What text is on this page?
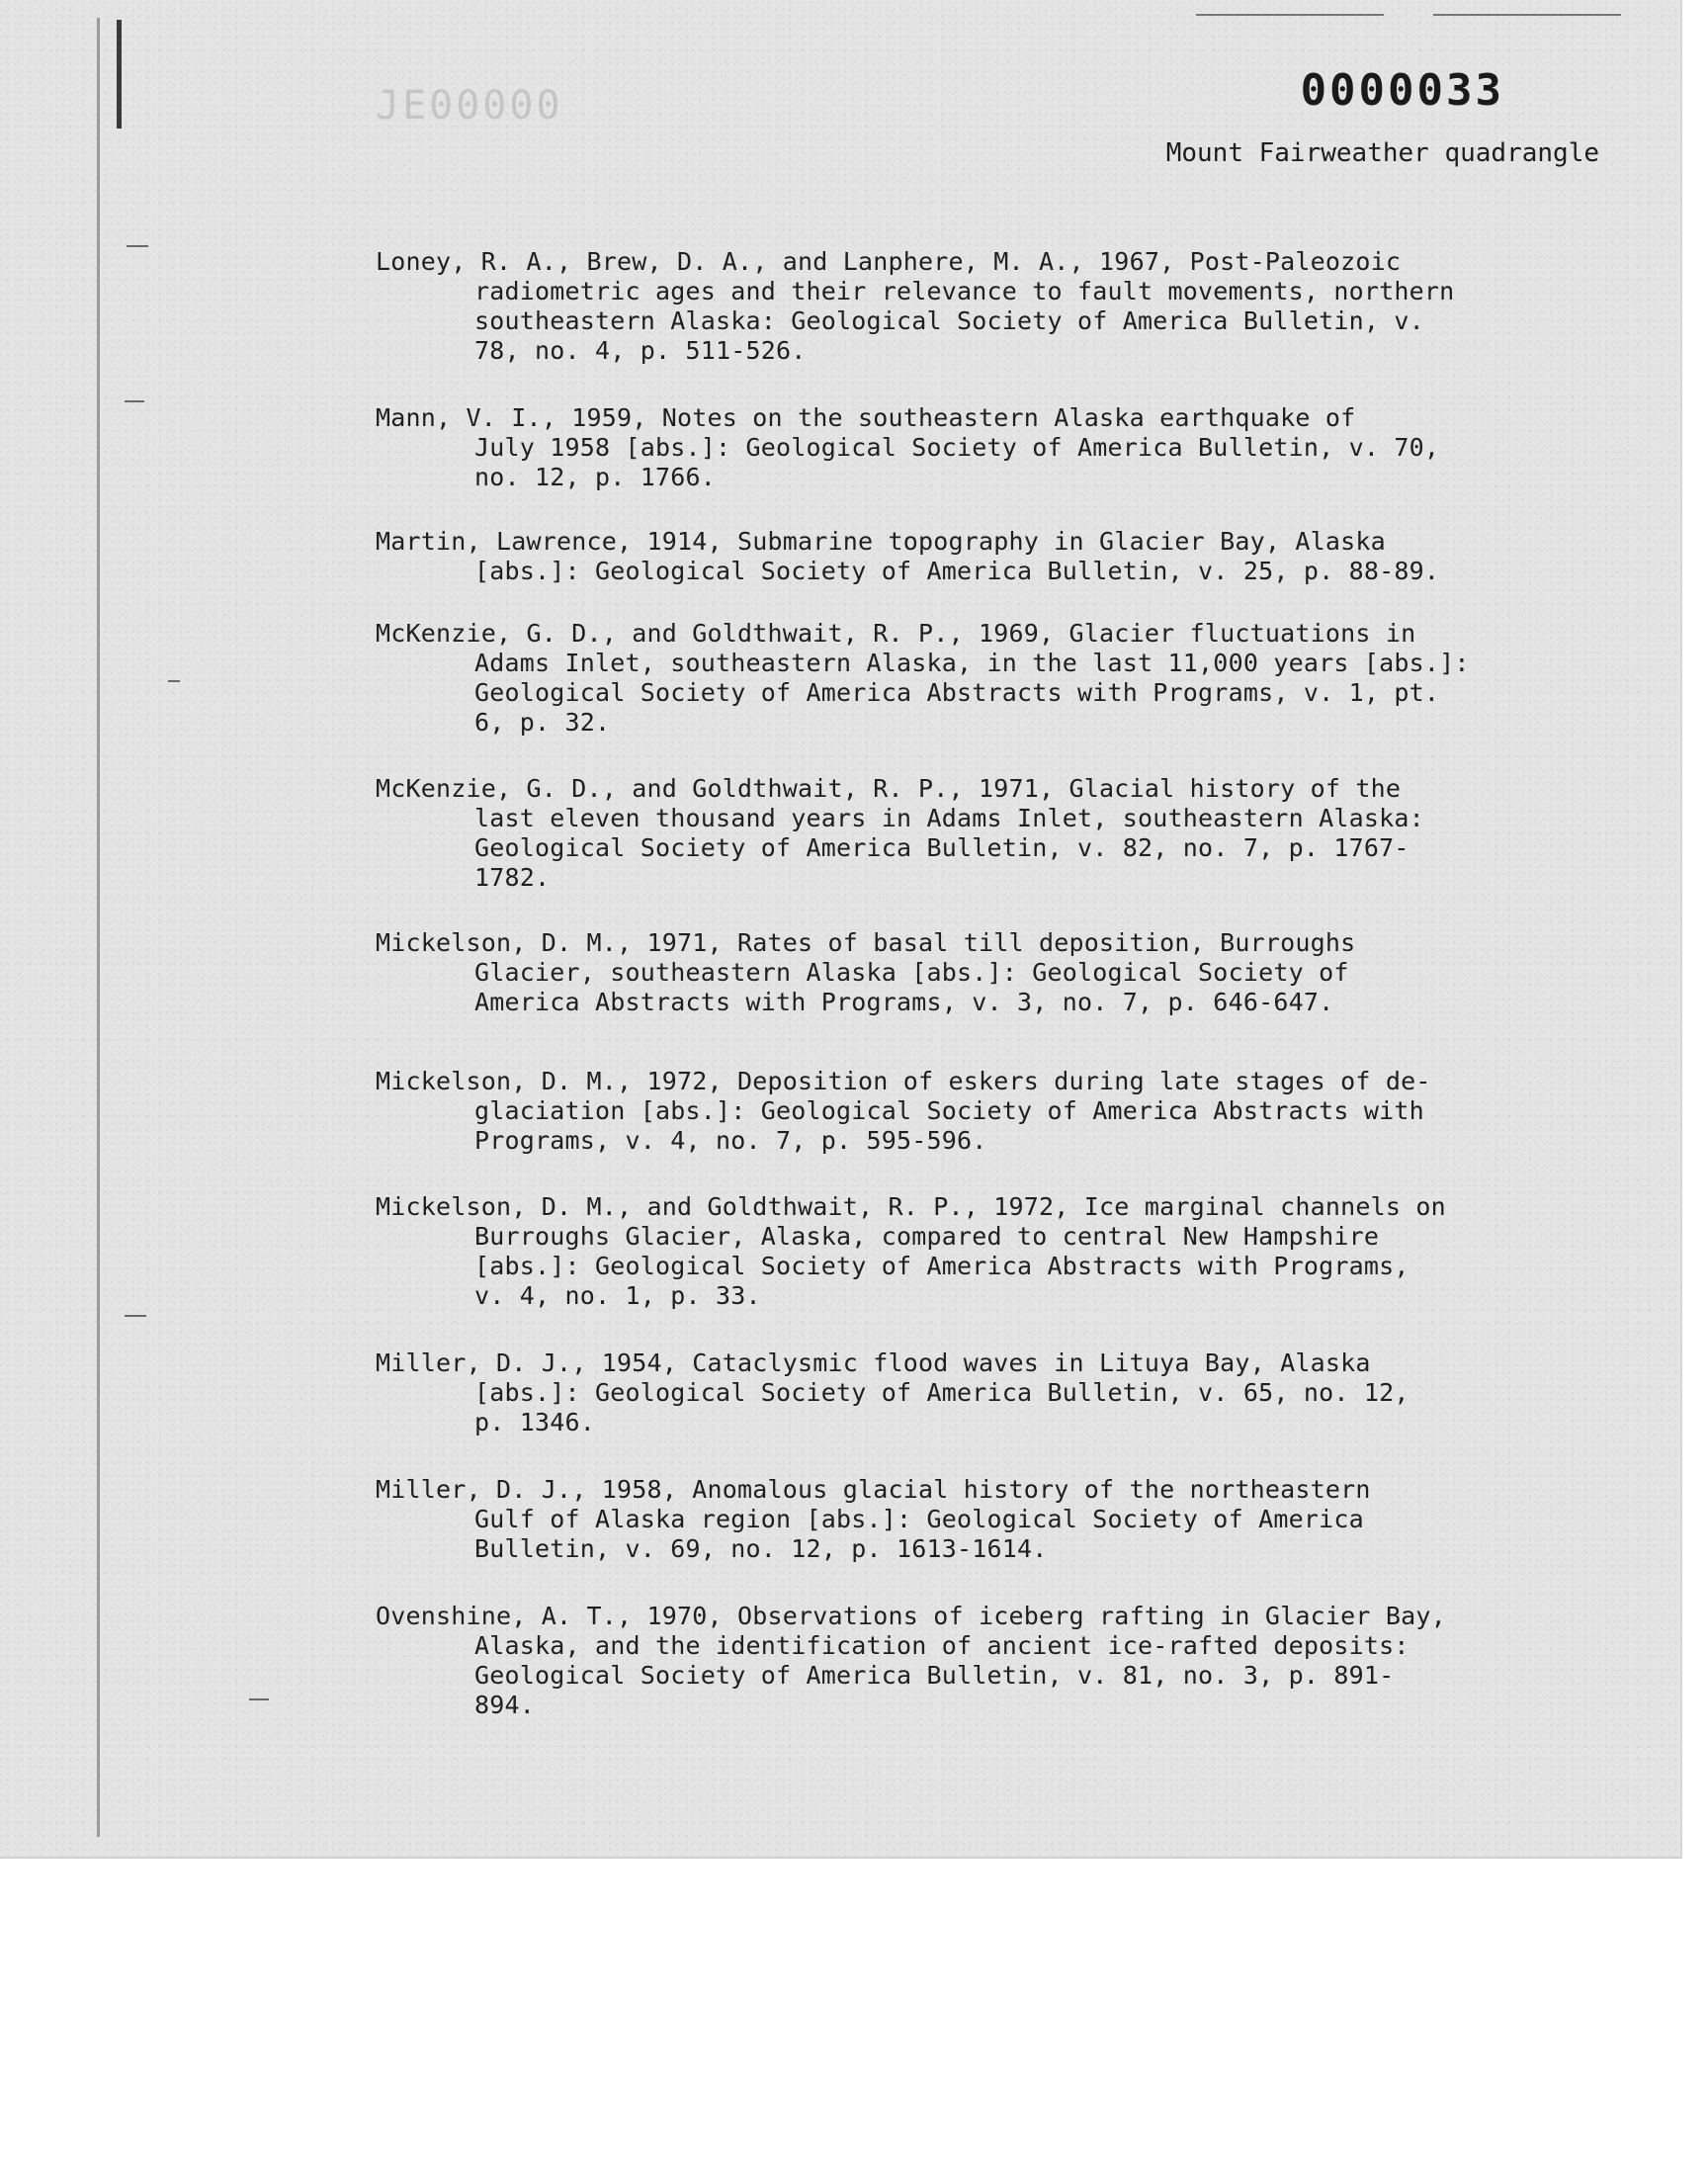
JE00000	0000033
Mount Fairweather quadrangle
Loney, R. A., Brew, D. A., and Lanphere, M. A., 1967, Post-Paleozoic
radiometric ages and their relevance to fault movements, northern
southeastern Alaska: Geological Society of America Bulletin, v.
78, no. 4, p. 511-526.
Mann, V. I., 1959, Notes on the southeastern Alaska earthquake of
July 1958 [abs.]: Geological Society of America Bulletin, v. 70,
no. 12, p. 1766.
Martin, Lawrence, 1914, Submarine topography in Glacier Bay, Alaska
[abs.]: Geological Society of America Bulletin, v. 25, p. 88-89.
McKenzie, G. D., and Goldthwait, R. P., 1969, Glacier fluctuations in
Adams Inlet, southeastern Alaska, in the last 11,000 years [abs.]:
Geological Society of America Abstracts with Programs, v. 1, pt.
6, p. 32.
McKenzie, G. D., and Goldthwait, R. P., 1971, Glacial history of the
last eleven thousand years in Adams Inlet, southeastern Alaska:
Geological Society of America Bulletin, v. 82, no. 7, p. 1767-
1782.
Mickelson, D. M., 1971, Rates of basal till deposition, Burroughs
Glacier, southeastern Alaska [abs.]: Geological Society of
America Abstracts with Programs, v. 3, no. 7, p. 646-647.
Mickelson, D. M., 1972, Deposition of eskers during late stages of de-
glaciation [abs.]: Geological Society of America Abstracts with
Programs, v. 4, no. 7, p. 595-596.
Mickelson, D. M., and Goldthwait, R. P., 1972, Ice marginal channels on
Burroughs Glacier, Alaska, compared to central New Hampshire
[abs.]: Geological Society of America Abstracts with Programs,
v. 4, no. 1, p. 33.
Miller, D. J., 1954, Cataclysmic flood waves in Lituya Bay, Alaska
[abs.]: Geological Society of America Bulletin, v. 65, no. 12,
p. 1346.
Miller, D. J., 1958, Anomalous glacial history of the northeastern
Gulf of Alaska region [abs.]: Geological Society of America
Bulletin, v. 69, no. 12, p. 1613-1614.
Ovenshine, A. T., 1970, Observations of iceberg rafting in Glacier Bay,
Alaska, and the identification of ancient ice-rafted deposits:
Geological Society of America Bulletin, v. 81, no. 3, p. 891-
894.
